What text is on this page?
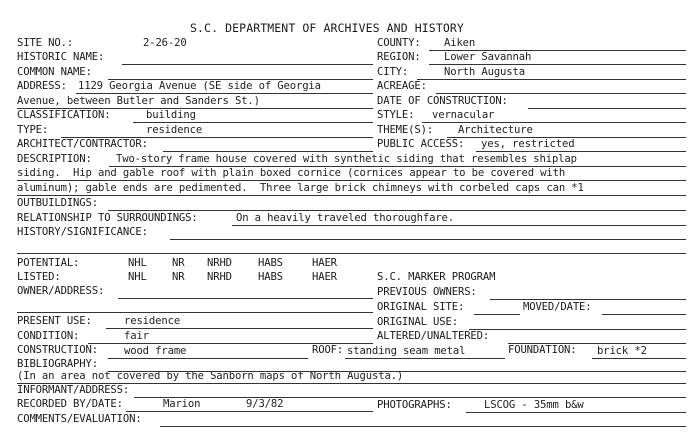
S.C. DEPARTMENT OF ARCHIVES AND HISTORY
SITE NO.:	2-26-20
HISTORIC NAME:
COMMON NAME:
ADDRESS: 1129 Georgia Avenue (SE side of Georgia
Avenue, between Butler and Sanders St.)
CLASSIFICATION:	building
TYPE:	residence
ARCHITECT/CONTRACTOR:
COUNTY: Aiken
REGION: Lower Savannah
CITY:	North Augusta
ACREAGE:
DATE OF CONSTRUCTION:
STYLE: vernacular
THEME(S): Architecture
PUBLIC ACCESS: yes, restricted
DESCRIPTION: Two-story frame house covered with synthetic siding that resembles shiplap
siding.  Hip and gable roof with plain boxed cornice (cornices appear to be covered with
aluminum); gable ends are pedimented.  Three large brick chimneys with corbeled caps can *1
OUTBUILDINGS:
RELATIONSHIP TO SURROUNDINGS:	On a heavily traveled thoroughfare.
HISTORY/SIGNIFICANCE:
POTENTIAL:	NHL NR NRHD HABS	HAER
LISTED:	NHL NR NRHD HABS	HAER	S.C. MARKER PROGRAM
OWNER/ADDRESS:	PREVIOUS OWNERS:
ORIGINAL SITE:	MOVED/DATE:
PRESENT USE:	residence	ORIGINAL USE:
CONDITION:	fair	ALTERED/UNALTERED:
CONSTRUCTION: wood frame	ROOF: standing seam metal	FOUNDATION: brick *2
BIBLIOGRAPHY:
(In an area not covered by the Sanborn maps of North Augusta.)
INFORMANT/ADDRESS:
RECORDED BY/DATE:	Marion	9/3/82	PHOTOGRAPHS:	LSCOG - 35mm b&w
COMMENTS/EVALUATION:
